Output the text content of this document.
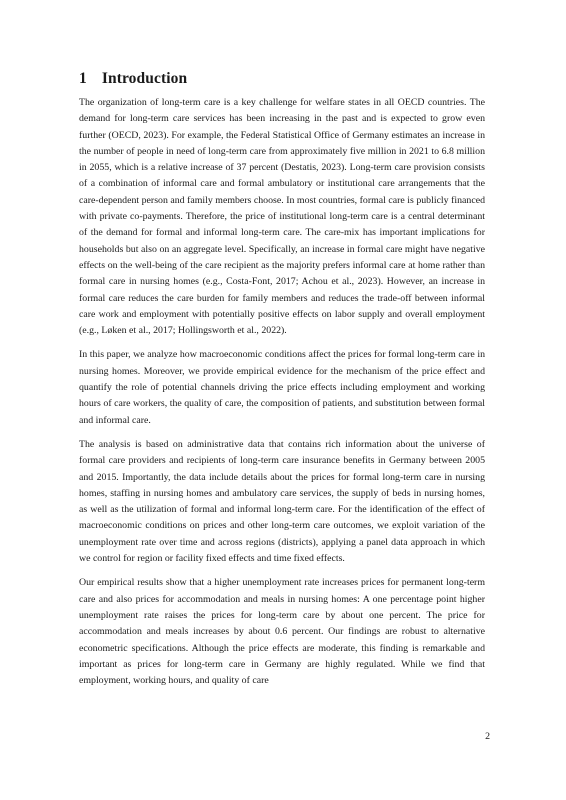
1 Introduction

The organization of long-term care is a key challenge for welfare states in all OECD countries. The demand for long-term care services has been increasing in the past and is expected to grow even further (OECD, 2023). For example, the Federal Statistical Office of Germany estimates an increase in the number of people in need of long-term care from approximately five million in 2021 to 6.8 million in 2055, which is a relative increase of 37 percent (Destatis, 2023). Long-term care provision consists of a combination of informal care and formal ambulatory or institutional care arrangements that the care-dependent person and family members choose. In most countries, formal care is publicly financed with private co-payments. Therefore, the price of institutional long-term care is a central determinant of the demand for formal and informal long-term care. The care-mix has important implications for households but also on an aggregate level. Specifically, an increase in formal care might have negative effects on the well-being of the care recipient as the majority prefers informal care at home rather than formal care in nursing homes (e.g., Costa-Font, 2017; Achou et al., 2023). However, an increase in formal care reduces the care burden for family members and reduces the trade-off between informal care work and employment with potentially positive effects on labor supply and overall employment (e.g., Løken et al., 2017; Hollingsworth et al., 2022).

In this paper, we analyze how macroeconomic conditions affect the prices for formal long-term care in nursing homes. Moreover, we provide empirical evidence for the mechanism of the price effect and quantify the role of potential channels driving the price effects including employment and working hours of care workers, the quality of care, the composition of patients, and substitution between formal and informal care.

The analysis is based on administrative data that contains rich information about the universe of formal care providers and recipients of long-term care insurance benefits in Germany between 2005 and 2015. Importantly, the data include details about the prices for formal long-term care in nursing homes, staffing in nursing homes and ambulatory care services, the supply of beds in nursing homes, as well as the utilization of formal and informal long-term care. For the identification of the effect of macroeconomic conditions on prices and other long-term care outcomes, we exploit variation of the unemployment rate over time and across regions (districts), applying a panel data approach in which we control for region or facility fixed effects and time fixed effects.

Our empirical results show that a higher unemployment rate increases prices for permanent long-term care and also prices for accommodation and meals in nursing homes: A one percentage point higher unemployment rate raises the prices for long-term care by about one percent. The price for accommodation and meals increases by about 0.6 percent. Our findings are robust to alternative econometric specifications. Although the price effects are moderate, this finding is remarkable and important as prices for long-term care in Germany are highly regulated. While we find that employment, working hours, and quality of care

2
